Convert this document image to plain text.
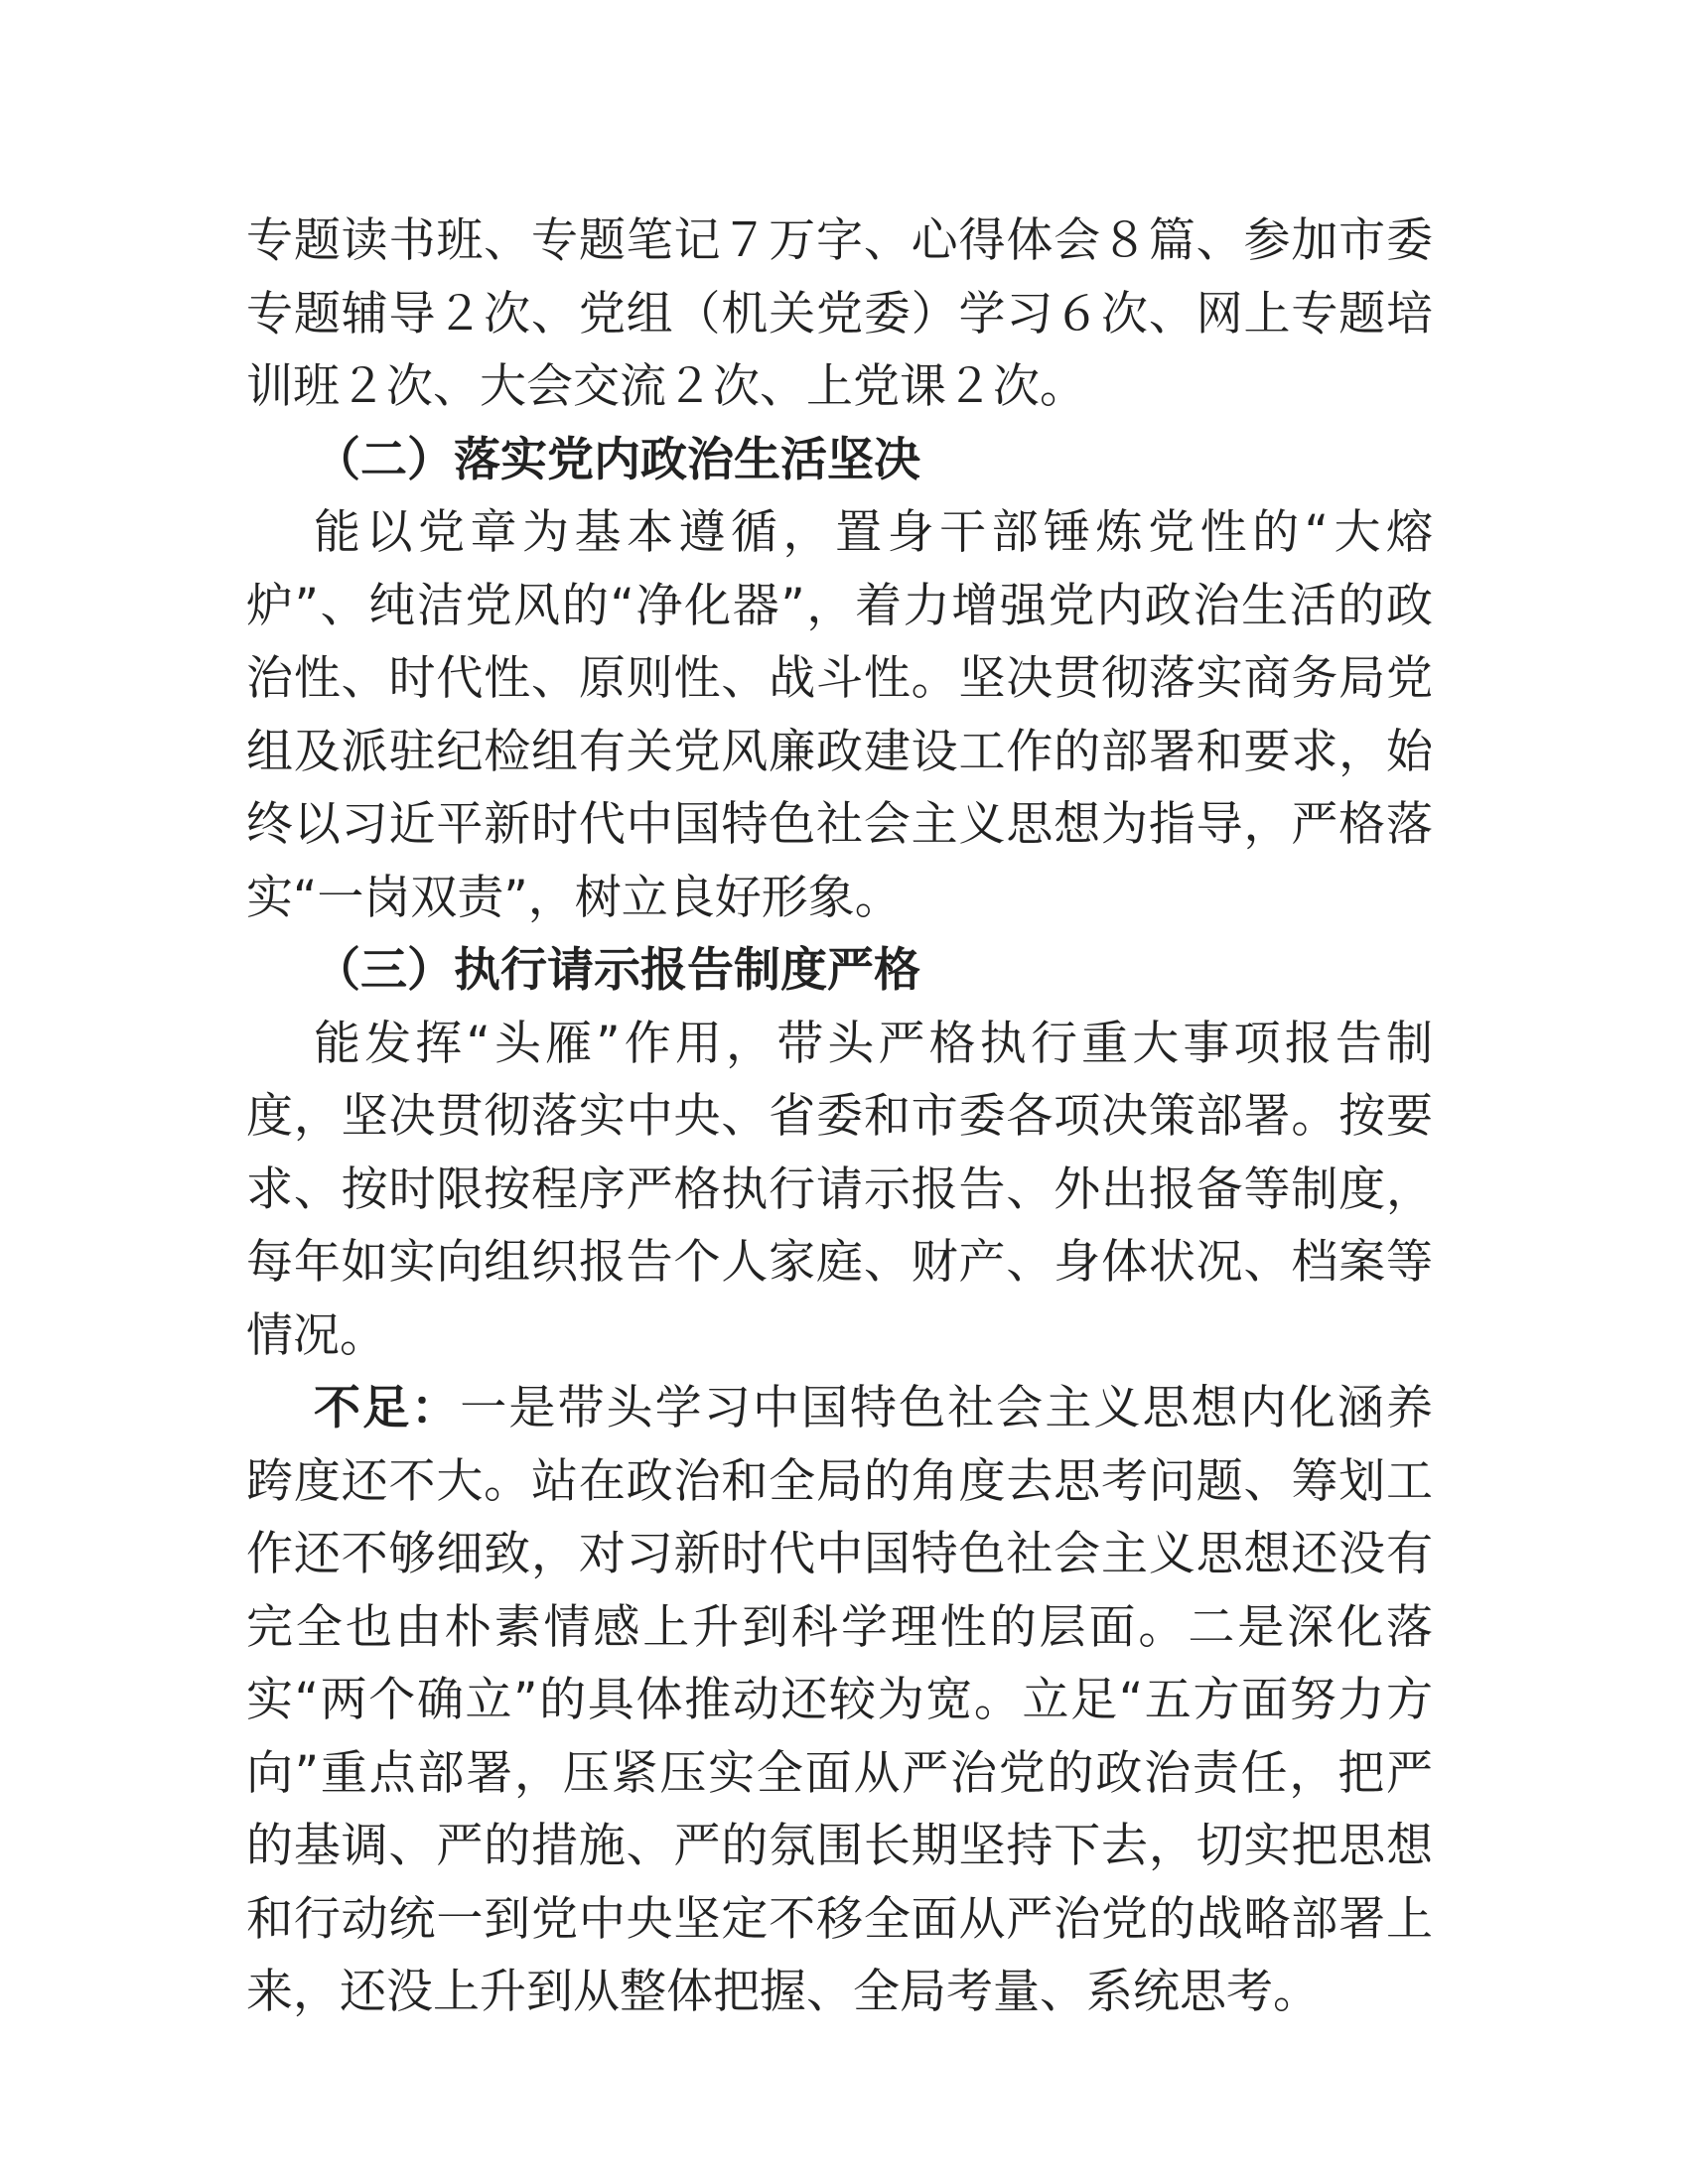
专题读书班、专题笔记７万字、心得体会８篇、参加市委专题辅导２次、党组（机关党委）学习６次、网上专题培训班２次、大会交流２次、上党课２次。

（二）落实党内政治生活坚决

能以党章为基本遵循，置身干部锤炼党性的“大熔炉”、纯洁党风的“净化器”，着力增强党内政治生活的政治性、时代性、原则性、战斗性。坚决贯彻落实商务局党组及派驻纪检组有关党风廉政建设工作的部署和要求，始终以习近平新时代中国特色社会主义思想为指导，严格落实“一岗双责”，树立良好形象。

（三）执行请示报告制度严格

能发挥“头雁”作用，带头严格执行重大事项报告制度，坚决贯彻落实中央、省委和市委各项决策部署。按要求、按时限按程序严格执行请示报告、外出报备等制度，每年如实向组织报告个人家庭、财产、身体状况、档案等情况。

不足：一是带头学习中国特色社会主义思想内化涵养跨度还不大。站在政治和全局的角度去思考问题、筹划工作还不够细致，对习新时代中国特色社会主义思想还没有完全也由朴素情感上升到科学理性的层面。二是深化落实“两个确立”的具体推动还较为宽。立足“五方面努力方向”重点部署，压紧压实全面从严治党的政治责任，把严的基调、严的措施、严的氛围长期坚持下去，切实把思想和行动统一到党中央坚定不移全面从严治党的战略部署上来，还没上升到从整体把握、全局考量、系统思考。
